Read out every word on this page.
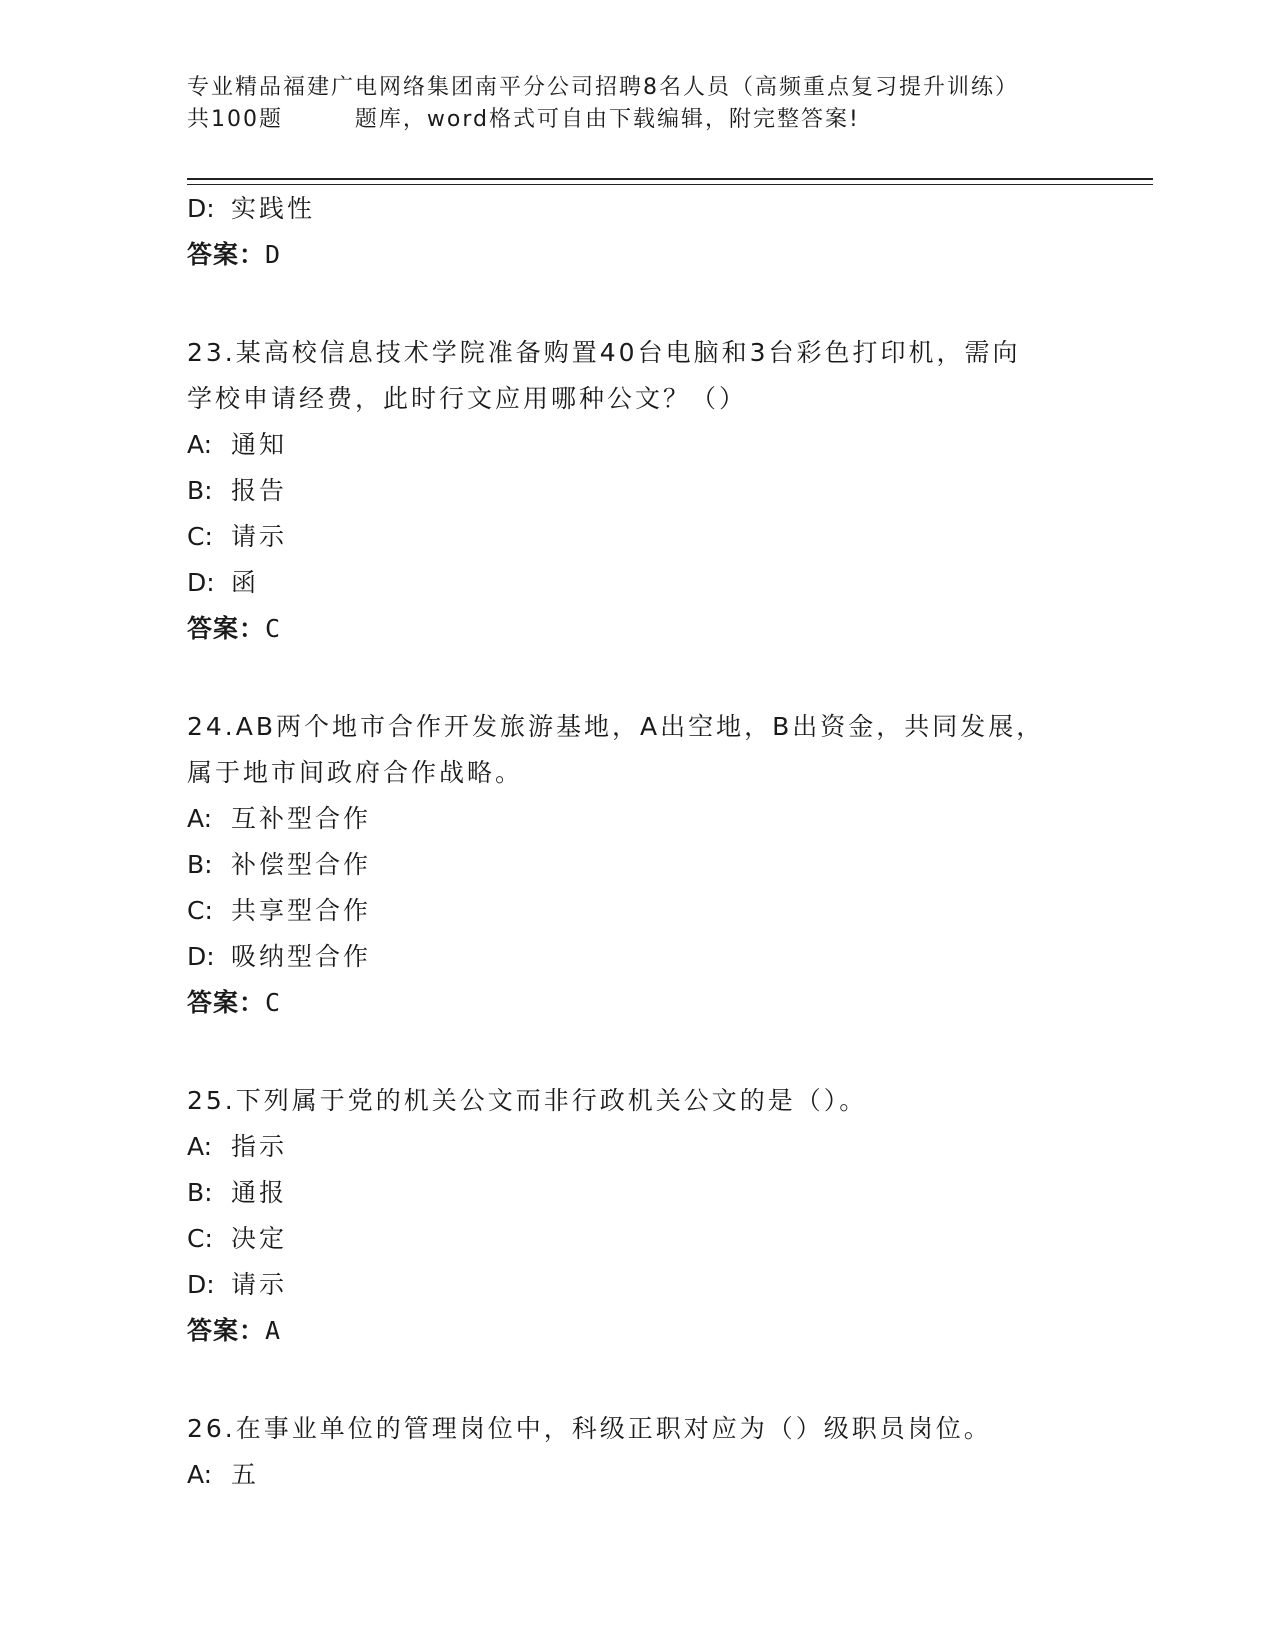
专业精品福建广电网络集团南平分公司招聘8名人员（高频重点复习提升训练）
共100题        题库，word格式可自由下载编辑，附完整答案!
D: 实践性
答案：D
23.某高校信息技术学院准备购置40台电脑和3台彩色打印机，需向
学校申请经费，此时行文应用哪种公文？（）
A: 通知
B: 报告
C: 请示
D: 函
答案：C
24.AB两个地市合作开发旅游基地，A出空地，B出资金，共同发展，
属于地市间政府合作战略。
A: 互补型合作
B: 补偿型合作
C: 共享型合作
D: 吸纳型合作
答案：C
25.下列属于党的机关公文而非行政机关公文的是（）。
A: 指示
B: 通报
C: 决定
D: 请示
答案：A
26.在事业单位的管理岗位中，科级正职对应为（）级职员岗位。
A: 五
